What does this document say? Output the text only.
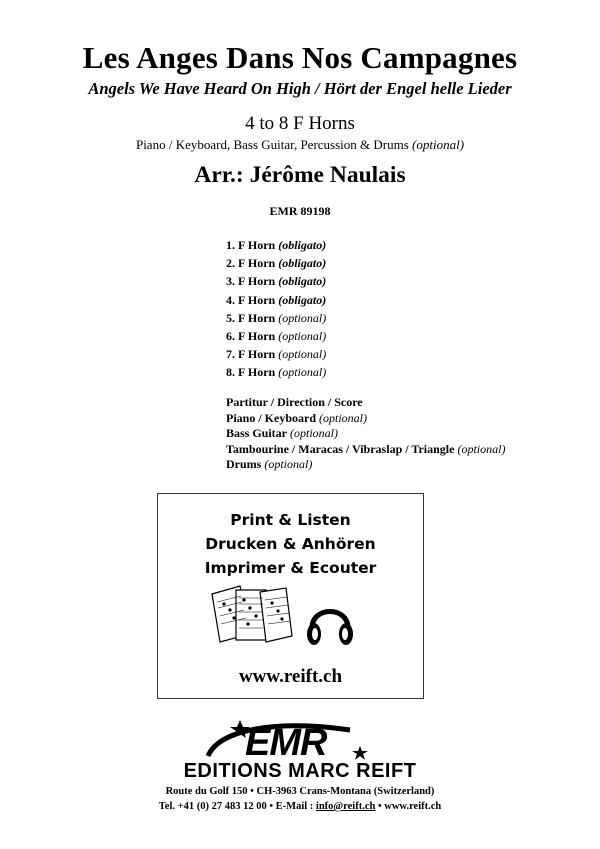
Les Anges Dans Nos Campagnes
Angels We Have Heard On High / Hört der Engel helle Lieder
4 to 8 F Horns
Piano / Keyboard, Bass Guitar, Percussion & Drums (optional)
Arr.: Jérôme Naulais
EMR 89198
1. F Horn (obligato)
2. F Horn (obligato)
3. F Horn (obligato)
4. F Horn (obligato)
5. F Horn (optional)
6. F Horn (optional)
7. F Horn (optional)
8. F Horn (optional)
Partitur / Direction / Score
Piano / Keyboard (optional)
Bass Guitar (optional)
Tambourine / Maracas / Vibraslap / Triangle (optional)
Drums (optional)
Print & Listen
Drucken & Anhören
Imprimer & Ecouter
www.reift.ch
EMR
EDITIONS MARC REIFT
Route du Golf 150 • CH-3963 Crans-Montana (Switzerland)
Tel. +41 (0) 27 483 12 00 • E-Mail : info@reift.ch • www.reift.ch
